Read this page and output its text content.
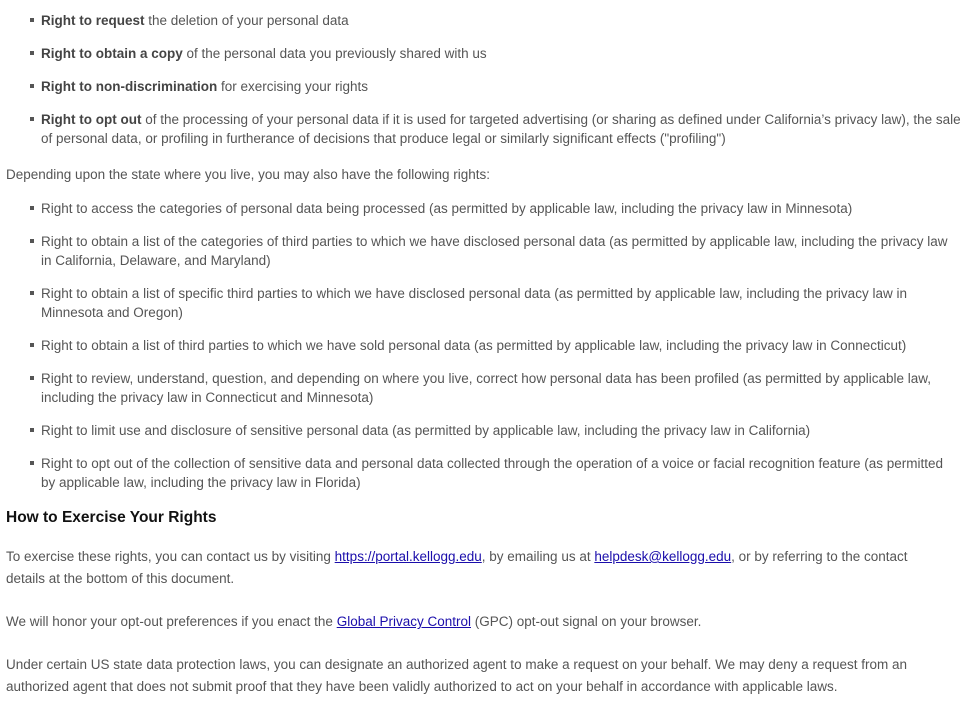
Right to request the deletion of your personal data
Right to obtain a copy of the personal data you previously shared with us
Right to non-discrimination for exercising your rights
Right to opt out of the processing of your personal data if it is used for targeted advertising (or sharing as defined under California’s privacy law), the sale of personal data, or profiling in furtherance of decisions that produce legal or similarly significant effects ("profiling")
Depending upon the state where you live, you may also have the following rights:
Right to access the categories of personal data being processed (as permitted by applicable law, including the privacy law in Minnesota)
Right to obtain a list of the categories of third parties to which we have disclosed personal data (as permitted by applicable law, including the privacy law in California, Delaware, and Maryland)
Right to obtain a list of specific third parties to which we have disclosed personal data (as permitted by applicable law, including the privacy law in Minnesota and Oregon)
Right to obtain a list of third parties to which we have sold personal data (as permitted by applicable law, including the privacy law in Connecticut)
Right to review, understand, question, and depending on where you live, correct how personal data has been profiled (as permitted by applicable law, including the privacy law in Connecticut and Minnesota)
Right to limit use and disclosure of sensitive personal data (as permitted by applicable law, including the privacy law in California)
Right to opt out of the collection of sensitive data and personal data collected through the operation of a voice or facial recognition feature (as permitted by applicable law, including the privacy law in Florida)
How to Exercise Your Rights

To exercise these rights, you can contact us by visiting https://portal.kellogg.edu, by emailing us at helpdesk@kellogg.edu, or by referring to the contact details at the bottom of this document.

We will honor your opt-out preferences if you enact the Global Privacy Control (GPC) opt-out signal on your browser.

Under certain US state data protection laws, you can designate an authorized agent to make a request on your behalf. We may deny a request from an authorized agent that does not submit proof that they have been validly authorized to act on your behalf in accordance with applicable laws.
